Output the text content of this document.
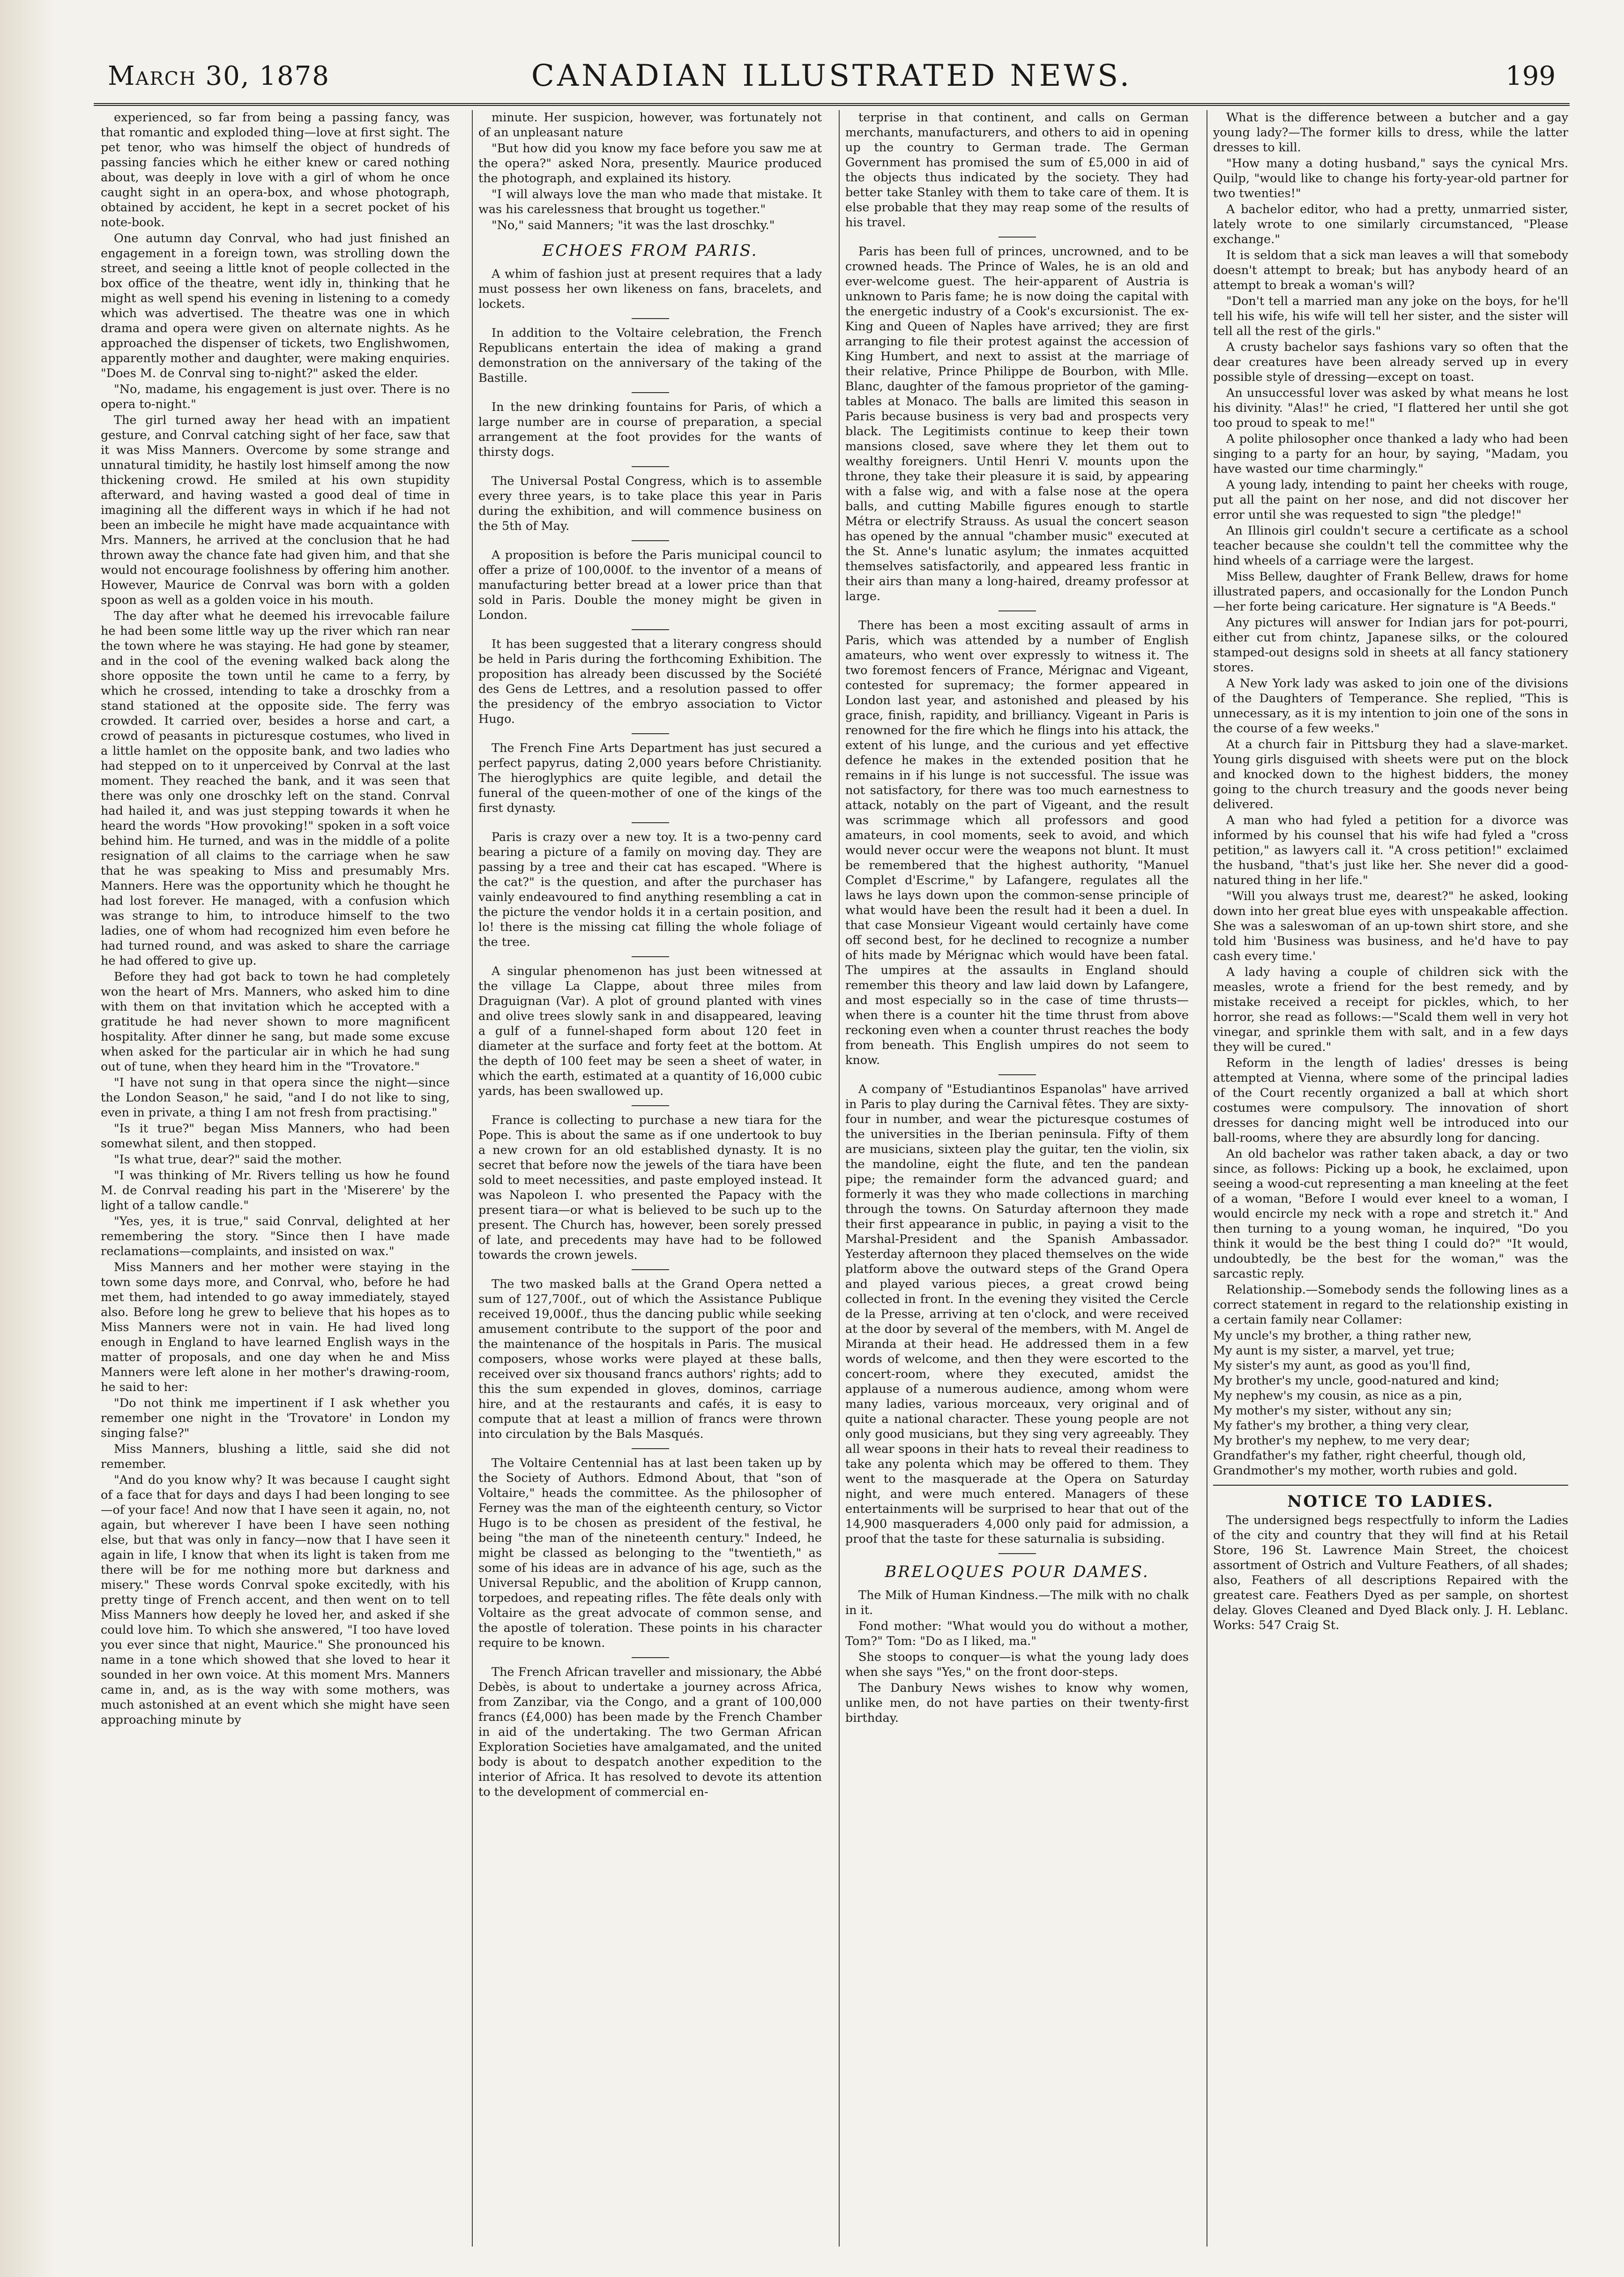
March 30, 1878	CANADIAN ILLUSTRATED NEWS.	199

experienced, so far from being a passing fancy, was that romantic and exploded thing—love at first sight. The pet tenor, who was himself the object of hundreds of passing fancies which he either knew or cared nothing about, was deeply in love with a girl of whom he once caught sight in an opera-box, and whose photograph, obtained by accident, he kept in a secret pocket of his note-book.

One autumn day Conrval, who had just finished an engagement in a foreign town, was strolling down the street, and seeing a little knot of people collected in the box office of the theatre, went idly in, thinking that he might as well spend his evening in listening to a comedy which was advertised. The theatre was one in which drama and opera were given on alternate nights. As he approached the dispenser of tickets, two Englishwomen, apparently mother and daughter, were making enquiries. "Does M. de Conrval sing to-night?" asked the elder.

"No, madame, his engagement is just over. There is no opera to-night."

The girl turned away her head with an impatient gesture, and Conrval catching sight of her face, saw that it was Miss Manners. Overcome by some strange and unnatural timidity, he hastily lost himself among the now thickening crowd. He smiled at his own stupidity afterward, and having wasted a good deal of time in imagining all the different ways in which if he had not been an imbecile he might have made acquaintance with Mrs. Manners, he arrived at the conclusion that he had thrown away the chance fate had given him, and that she would not encourage foolishness by offering him another. However, Maurice de Conrval was born with a golden spoon as well as a golden voice in his mouth.

The day after what he deemed his irrevocable failure he had been some little way up the river which ran near the town where he was staying. He had gone by steamer, and in the cool of the evening walked back along the shore opposite the town until he came to a ferry, by which he crossed, intending to take a droschky from a stand stationed at the opposite side. The ferry was crowded. It carried over, besides a horse and cart, a crowd of peasants in picturesque costumes, who lived in a little hamlet on the opposite bank, and two ladies who had stepped on to it unperceived by Conrval at the last moment. They reached the bank, and it was seen that there was only one droschky left on the stand. Conrval had hailed it, and was just stepping towards it when he heard the words "How provoking!" spoken in a soft voice behind him. He turned, and was in the middle of a polite resignation of all claims to the carriage when he saw that he was speaking to Miss and presumably Mrs. Manners. Here was the opportunity which he thought he had lost forever. He managed, with a confusion which was strange to him, to introduce himself to the two ladies, one of whom had recognized him even before he had turned round, and was asked to share the carriage he had offered to give up.

Before they had got back to town he had completely won the heart of Mrs. Manners, who asked him to dine with them on that invitation which he accepted with a gratitude he had never shown to more magnificent hospitality. After dinner he sang, but made some excuse when asked for the particular air in which he had sung out of tune, when they heard him in the "Trovatore."

"I have not sung in that opera since the night—since the London Season," he said, "and I do not like to sing, even in private, a thing I am not fresh from practising."

"Is it true?" began Miss Manners, who had been somewhat silent, and then stopped.

"Is what true, dear?" said the mother.

"I was thinking of Mr. Rivers telling us how he found M. de Conrval reading his part in the 'Miserere' by the light of a tallow candle."

"Yes, yes, it is true," said Conrval, delighted at her remembering the story. "Since then I have made reclamations—complaints, and insisted on wax."

Miss Manners and her mother were staying in the town some days more, and Conrval, who, before he had met them, had intended to go away immediately, stayed also. Before long he grew to believe that his hopes as to Miss Manners were not in vain. He had lived long enough in England to have learned English ways in the matter of proposals, and one day when he and Miss Manners were left alone in her mother's drawing-room, he said to her:

"Do not think me impertinent if I ask whether you remember one night in the 'Trovatore' in London my singing false?"

Miss Manners, blushing a little, said she did not remember.

"And do you know why? It was because I caught sight of a face that for days and days I had been longing to see—of your face! And now that I have seen it again, no, not again, but wherever I have been I have seen nothing else, but that was only in fancy—now that I have seen it again in life, I know that when its light is taken from me there will be for me nothing more but darkness and misery." These words Conrval spoke excitedly, with his pretty tinge of French accent, and then went on to tell Miss Manners how deeply he loved her, and asked if she could love him. To which she answered, "I too have loved you ever since that night, Maurice." She pronounced his name in a tone which showed that she loved to hear it sounded in her own voice. At this moment Mrs. Manners came in, and, as is the way with some mothers, was much astonished at an event which she might have seen approaching minute by

minute. Her suspicion, however, was fortunately not of an unpleasant nature

"But how did you know my face before you saw me at the opera?" asked Nora, presently. Maurice produced the photograph, and explained its history.

"I will always love the man who made that mistake. It was his carelessness that brought us together."

"No," said Manners; "it was the last droschky."

ECHOES FROM PARIS.

A whim of fashion just at present requires that a lady must possess her own likeness on fans, bracelets, and lockets.

In addition to the Voltaire celebration, the French Republicans entertain the idea of making a grand demonstration on the anniversary of the taking of the Bastille.

In the new drinking fountains for Paris, of which a large number are in course of preparation, a special arrangement at the foot provides for the wants of thirsty dogs.

The Universal Postal Congress, which is to assemble every three years, is to take place this year in Paris during the exhibition, and will commence business on the 5th of May.

A proposition is before the Paris municipal council to offer a prize of 100,000f. to the inventor of a means of manufacturing better bread at a lower price than that sold in Paris. Double the money might be given in London.

It has been suggested that a literary congress should be held in Paris during the forthcoming Exhibition. The proposition has already been discussed by the Société des Gens de Lettres, and a resolution passed to offer the presidency of the embryo association to Victor Hugo.

The French Fine Arts Department has just secured a perfect papyrus, dating 2,000 years before Christianity. The hieroglyphics are quite legible, and detail the funeral of the queen-mother of one of the kings of the first dynasty.

Paris is crazy over a new toy. It is a two-penny card bearing a picture of a family on moving day. They are passing by a tree and their cat has escaped. "Where is the cat?" is the question, and after the purchaser has vainly endeavoured to find anything resembling a cat in the picture the vendor holds it in a certain position, and lo! there is the missing cat filling the whole foliage of the tree.

A singular phenomenon has just been witnessed at the village La Clappe, about three miles from Draguignan (Var). A plot of ground planted with vines and olive trees slowly sank in and disappeared, leaving a gulf of a funnel-shaped form about 120 feet in diameter at the surface and forty feet at the bottom. At the depth of 100 feet may be seen a sheet of water, in which the earth, estimated at a quantity of 16,000 cubic yards, has been swallowed up.

France is collecting to purchase a new tiara for the Pope. This is about the same as if one undertook to buy a new crown for an old established dynasty. It is no secret that before now the jewels of the tiara have been sold to meet necessities, and paste employed instead. It was Napoleon I. who presented the Papacy with the present tiara—or what is believed to be such up to the present. The Church has, however, been sorely pressed of late, and precedents may have had to be followed towards the crown jewels.

The two masked balls at the Grand Opera netted a sum of 127,700f., out of which the Assistance Publique received 19,000f., thus the dancing public while seeking amusement contribute to the support of the poor and the maintenance of the hospitals in Paris. The musical composers, whose works were played at these balls, received over six thousand francs authors' rights; add to this the sum expended in gloves, dominos, carriage hire, and at the restaurants and cafés, it is easy to compute that at least a million of francs were thrown into circulation by the Bals Masqués.

The Voltaire Centennial has at last been taken up by the Society of Authors. Edmond About, that "son of Voltaire," heads the committee. As the philosopher of Ferney was the man of the eighteenth century, so Victor Hugo is to be chosen as president of the festival, he being "the man of the nineteenth century." Indeed, he might be classed as belonging to the "twentieth," as some of his ideas are in advance of his age, such as the Universal Republic, and the abolition of Krupp cannon, torpedoes, and repeating rifles. The fête deals only with Voltaire as the great advocate of common sense, and the apostle of toleration. These points in his character require to be known.

The French African traveller and missionary, the Abbé Debès, is about to undertake a journey across Africa, from Zanzibar, via the Congo, and a grant of 100,000 francs (£4,000) has been made by the French Chamber in aid of the undertaking. The two German African Exploration Societies have amalgamated, and the united body is about to despatch another expedition to the interior of Africa. It has resolved to devote its attention to the development of commercial en-

terprise in that continent, and calls on German merchants, manufacturers, and others to aid in opening up the country to German trade. The German Government has promised the sum of £5,000 in aid of the objects thus indicated by the society. They had better take Stanley with them to take care of them. It is else probable that they may reap some of the results of his travel.

Paris has been full of princes, uncrowned, and to be crowned heads. The Prince of Wales, he is an old and ever-welcome guest. The heir-apparent of Austria is unknown to Paris fame; he is now doing the capital with the energetic industry of a Cook's excursionist. The ex-King and Queen of Naples have arrived; they are first arranging to file their protest against the accession of King Humbert, and next to assist at the marriage of their relative, Prince Philippe de Bourbon, with Mlle. Blanc, daughter of the famous proprietor of the gaming-tables at Monaco. The balls are limited this season in Paris because business is very bad and prospects very black. The Legitimists continue to keep their town mansions closed, save where they let them out to wealthy foreigners. Until Henri V. mounts upon the throne, they take their pleasure it is said, by appearing with a false wig, and with a false nose at the opera balls, and cutting Mabille figures enough to startle Métra or electrify Strauss. As usual the concert season has opened by the annual "chamber music" executed at the St. Anne's lunatic asylum; the inmates acquitted themselves satisfactorily, and appeared less frantic in their airs than many a long-haired, dreamy professor at large.

There has been a most exciting assault of arms in Paris, which was attended by a number of English amateurs, who went over expressly to witness it. The two foremost fencers of France, Mérignac and Vigeant, contested for supremacy; the former appeared in London last year, and astonished and pleased by his grace, finish, rapidity, and brilliancy. Vigeant in Paris is renowned for the fire which he flings into his attack, the extent of his lunge, and the curious and yet effective defence he makes in the extended position that he remains in if his lunge is not successful. The issue was not satisfactory, for there was too much earnestness to attack, notably on the part of Vigeant, and the result was scrimmage which all professors and good amateurs, in cool moments, seek to avoid, and which would never occur were the weapons not blunt. It must be remembered that the highest authority, "Manuel Complet d'Escrime," by Lafangere, regulates all the laws he lays down upon the common-sense principle of what would have been the result had it been a duel. In that case Monsieur Vigeant would certainly have come off second best, for he declined to recognize a number of hits made by Mérignac which would have been fatal. The umpires at the assaults in England should remember this theory and law laid down by Lafangere, and most especially so in the case of time thrusts—when there is a counter hit the time thrust from above reckoning even when a counter thrust reaches the body from beneath. This English umpires do not seem to know.

A company of "Estudiantinos Espanolas" have arrived in Paris to play during the Carnival fêtes. They are sixty-four in number, and wear the picturesque costumes of the universities in the Iberian peninsula. Fifty of them are musicians, sixteen play the guitar, ten the violin, six the mandoline, eight the flute, and ten the pandean pipe; the remainder form the advanced guard; and formerly it was they who made collections in marching through the towns. On Saturday afternoon they made their first appearance in public, in paying a visit to the Marshal-President and the Spanish Ambassador. Yesterday afternoon they placed themselves on the wide platform above the outward steps of the Grand Opera and played various pieces, a great crowd being collected in front. In the evening they visited the Cercle de la Presse, arriving at ten o'clock, and were received at the door by several of the members, with M. Angel de Miranda at their head. He addressed them in a few words of welcome, and then they were escorted to the concert-room, where they executed, amidst the applause of a numerous audience, among whom were many ladies, various morceaux, very original and of quite a national character. These young people are not only good musicians, but they sing very agreeably. They all wear spoons in their hats to reveal their readiness to take any polenta which may be offered to them. They went to the masquerade at the Opera on Saturday night, and were much entered. Managers of these entertainments will be surprised to hear that out of the 14,900 masqueraders 4,000 only paid for admission, a proof that the taste for these saturnalia is subsiding.

BRELOQUES POUR DAMES.

The Milk of Human Kindness.—The milk with no chalk in it.

Fond mother: "What would you do without a mother, Tom?" Tom: "Do as I liked, ma."

She stoops to conquer—is what the young lady does when she says "Yes," on the front door-steps.

The Danbury News wishes to know why women, unlike men, do not have parties on their twenty-first birthday.

What is the difference between a butcher and a gay young lady?—The former kills to dress, while the latter dresses to kill.

"How many a doting husband," says the cynical Mrs. Quilp, "would like to change his forty-year-old partner for two twenties!"

A bachelor editor, who had a pretty, unmarried sister, lately wrote to one similarly circumstanced, "Please exchange."

It is seldom that a sick man leaves a will that somebody doesn't attempt to break; but has anybody heard of an attempt to break a woman's will?

"Don't tell a married man any joke on the boys, for he'll tell his wife, his wife will tell her sister, and the sister will tell all the rest of the girls."

A crusty bachelor says fashions vary so often that the dear creatures have been already served up in every possible style of dressing—except on toast.

An unsuccessful lover was asked by what means he lost his divinity. "Alas!" he cried, "I flattered her until she got too proud to speak to me!"

A polite philosopher once thanked a lady who had been singing to a party for an hour, by saying, "Madam, you have wasted our time charmingly."

A young lady, intending to paint her cheeks with rouge, put all the paint on her nose, and did not discover her error until she was requested to sign "the pledge!"

An Illinois girl couldn't secure a certificate as a school teacher because she couldn't tell the committee why the hind wheels of a carriage were the largest.

Miss Bellew, daughter of Frank Bellew, draws for home illustrated papers, and occasionally for the London Punch—her forte being caricature. Her signature is "A Beeds."

Any pictures will answer for Indian jars for pot-pourri, either cut from chintz, Japanese silks, or the coloured stamped-out designs sold in sheets at all fancy stationery stores.

A New York lady was asked to join one of the divisions of the Daughters of Temperance. She replied, "This is unnecessary, as it is my intention to join one of the sons in the course of a few weeks."

At a church fair in Pittsburg they had a slave-market. Young girls disguised with sheets were put on the block and knocked down to the highest bidders, the money going to the church treasury and the goods never being delivered.

A man who had fyled a petition for a divorce was informed by his counsel that his wife had fyled a "cross petition," as lawyers call it. "A cross petition!" exclaimed the husband, "that's just like her. She never did a good-natured thing in her life."

"Will you always trust me, dearest?" he asked, looking down into her great blue eyes with unspeakable affection. She was a saleswoman of an up-town shirt store, and she told him 'Business was business, and he'd have to pay cash every time.'

A lady having a couple of children sick with the measles, wrote a friend for the best remedy, and by mistake received a receipt for pickles, which, to her horror, she read as follows:—"Scald them well in very hot vinegar, and sprinkle them with salt, and in a few days they will be cured."

Reform in the length of ladies' dresses is being attempted at Vienna, where some of the principal ladies of the Court recently organized a ball at which short costumes were compulsory. The innovation of short dresses for dancing might well be introduced into our ball-rooms, where they are absurdly long for dancing.

An old bachelor was rather taken aback, a day or two since, as follows: Picking up a book, he exclaimed, upon seeing a wood-cut representing a man kneeling at the feet of a woman, "Before I would ever kneel to a woman, I would encircle my neck with a rope and stretch it." And then turning to a young woman, he inquired, "Do you think it would be the best thing I could do?" "It would, undoubtedly, be the best for the woman," was the sarcastic reply.

Relationship.—Somebody sends the following lines as a correct statement in regard to the relationship existing in a certain family near Collamer:

My uncle's my brother, a thing rather new,

My aunt is my sister, a marvel, yet true;

My sister's my aunt, as good as you'll find,

My brother's my uncle, good-natured and kind;

My nephew's my cousin, as nice as a pin,

My mother's my sister, without any sin;

My father's my brother, a thing very clear,

My brother's my nephew, to me very dear;

Grandfather's my father, right cheerful, though old,

Grandmother's my mother, worth rubies and gold.

NOTICE TO LADIES.

The undersigned begs respectfully to inform the Ladies of the city and country that they will find at his Retail Store, 196 St. Lawrence Main Street, the choicest assortment of Ostrich and Vulture Feathers, of all shades; also, Feathers of all descriptions Repaired with the greatest care. Feathers Dyed as per sample, on shortest delay. Gloves Cleaned and Dyed Black only. J. H. Leblanc. Works: 547 Craig St.
